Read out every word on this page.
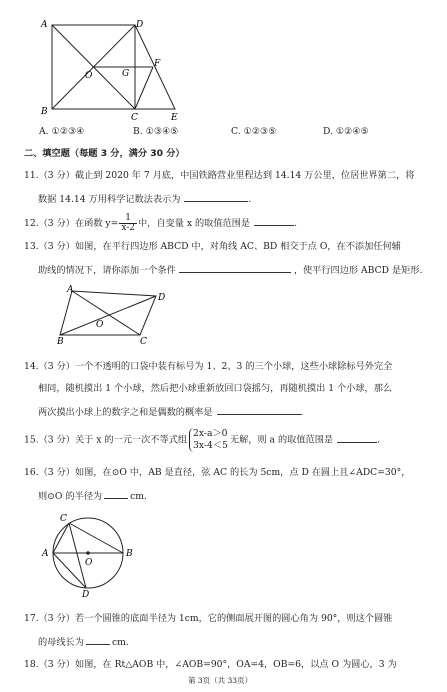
A	D
O	G
F
B
C	E
A. ①②③④	B. ①③④⑤	C. ①②③⑤	D. ①②④⑤
二、填空题（每题 3 分，满分 30 分）
11.（3 分）截止到 2020 年 7 月底，中国铁路营业里程达到 14.14 万公里，位居世界第二，将
数据 14.14 万用科学记数法表示为	.
12.（3 分）在函数 $y= \frac{1}{x-2}$ 中，自变量 x 的取值范围是	.
13.（3 分）如图，在平行四边形 ABCD 中，对角线 AC、BD 相交于点 O，在不添加任何辅
助线的情况下，请你添加一个条件	，使平行四边形 ABCD 是矩形.
A
D
O
B	C
14.（3 分）一个不透明的口袋中装有标号为 1、2、3 的三个小球，这些小球除标号外完全
相同，随机摸出 1 个小球，然后把小球重新放回口袋摇匀，再随机摸出 1 个小球，那么
两次摸出小球上的数字之和是偶数的概率是	.
15.（3 分）关于 x 的一元一次不等式组
2x-a＞0
3x-4＜5 无解，则 a 的取值范围是	.
16.（3 分）如图，在⊙O 中，AB 是直径，弦 AC 的长为 5cm，点 D 在圆上且∠ADC=30°，
则⊙O 的半径为	cm.
C
A
O
B
D
17.（3 分）若一个圆锥的底面半径为 1cm，它的侧面展开图的圆心角为 90°，则这个圆锥
的母线长为	cm.
18.（3 分）如图，在 Rt△AOB 中，∠AOB=90°，OA=4，OB=6，以点 O 为圆心，3 为
第 3页（共 33页）
